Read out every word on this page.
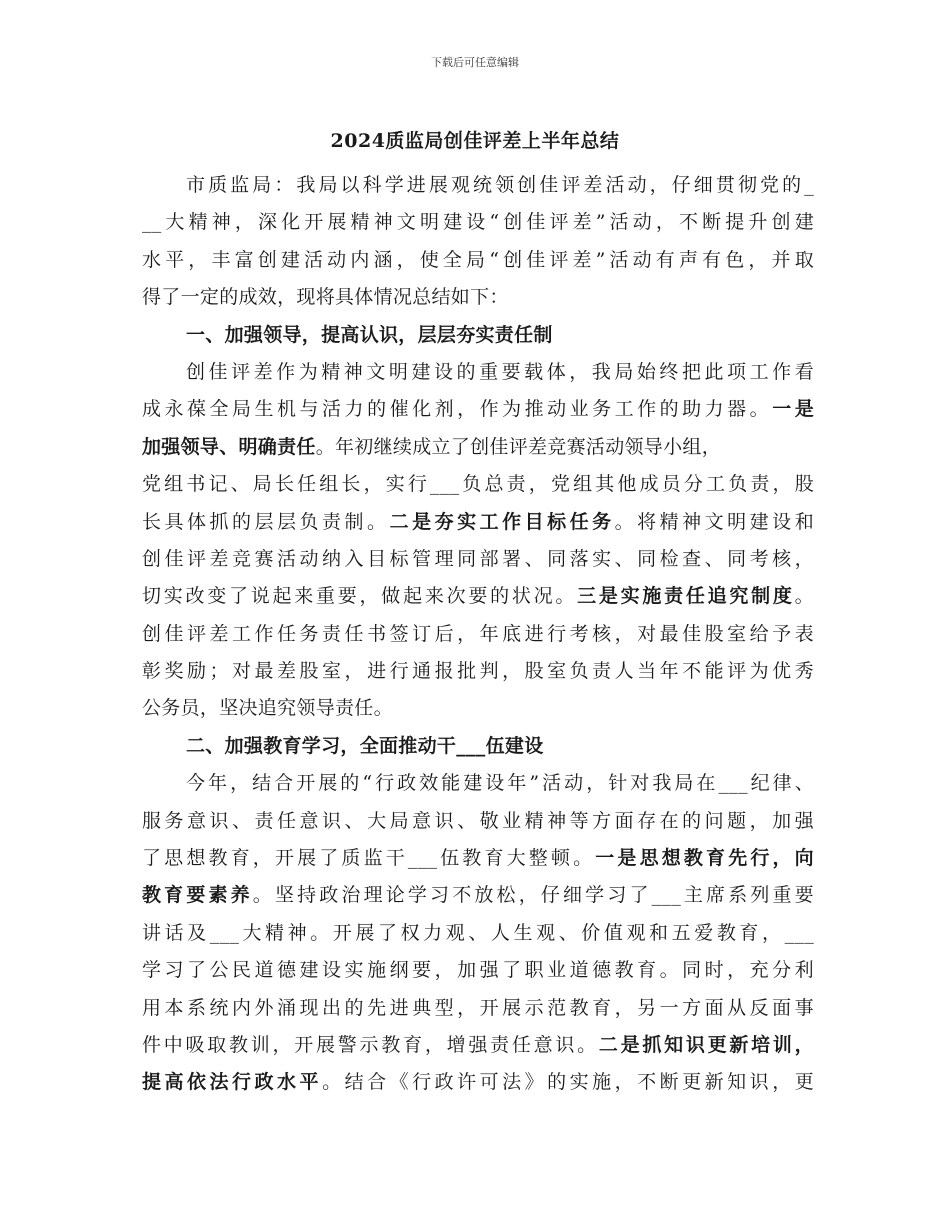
下载后可任意编辑
2024质监局创佳评差上半年总结
市质监局：我局以科学进展观统领创佳评差活动，仔细贯彻党的_
__大精神，深化开展精神文明建设“创佳评差”活动，不断提升创建
水平，丰富创建活动内涵，使全局“创佳评差”活动有声有色，并取
得了一定的成效，现将具体情况总结如下：
一、加强领导，提高认识，层层夯实责任制
创佳评差作为精神文明建设的重要载体，我局始终把此项工作看
成永葆全局生机与活力的催化剂，作为推动业务工作的助力器。一是
加强领导、明确责任。年初继续成立了创佳评差竞赛活动领导小组，
党组书记、局长任组长，实行___负总责，党组其他成员分工负责，股
长具体抓的层层负责制。二是夯实工作目标任务。将精神文明建设和
创佳评差竞赛活动纳入目标管理同部署、同落实、同检查、同考核，
切实改变了说起来重要，做起来次要的状况。三是实施责任追究制度。
创佳评差工作任务责任书签订后，年底进行考核，对最佳股室给予表
彰奖励；对最差股室，进行通报批判，股室负责人当年不能评为优秀
公务员，坚决追究领导责任。
二、加强教育学习，全面推动干___伍建设
今年，结合开展的“行政效能建设年”活动，针对我局在___纪律、
服务意识、责任意识、大局意识、敬业精神等方面存在的问题，加强
了思想教育，开展了质监干___伍教育大整顿。一是思想教育先行，向
教育要素养。坚持政治理论学习不放松，仔细学习了___主席系列重要
讲话及___大精神。开展了权力观、人生观、价值观和五爱教育，___
学习了公民道德建设实施纲要，加强了职业道德教育。同时，充分利
用本系统内外涌现出的先进典型，开展示范教育，另一方面从反面事
件中吸取教训，开展警示教育，增强责任意识。二是抓知识更新培训，
提高依法行政水平。结合《行政许可法》的实施，不断更新知识，更
